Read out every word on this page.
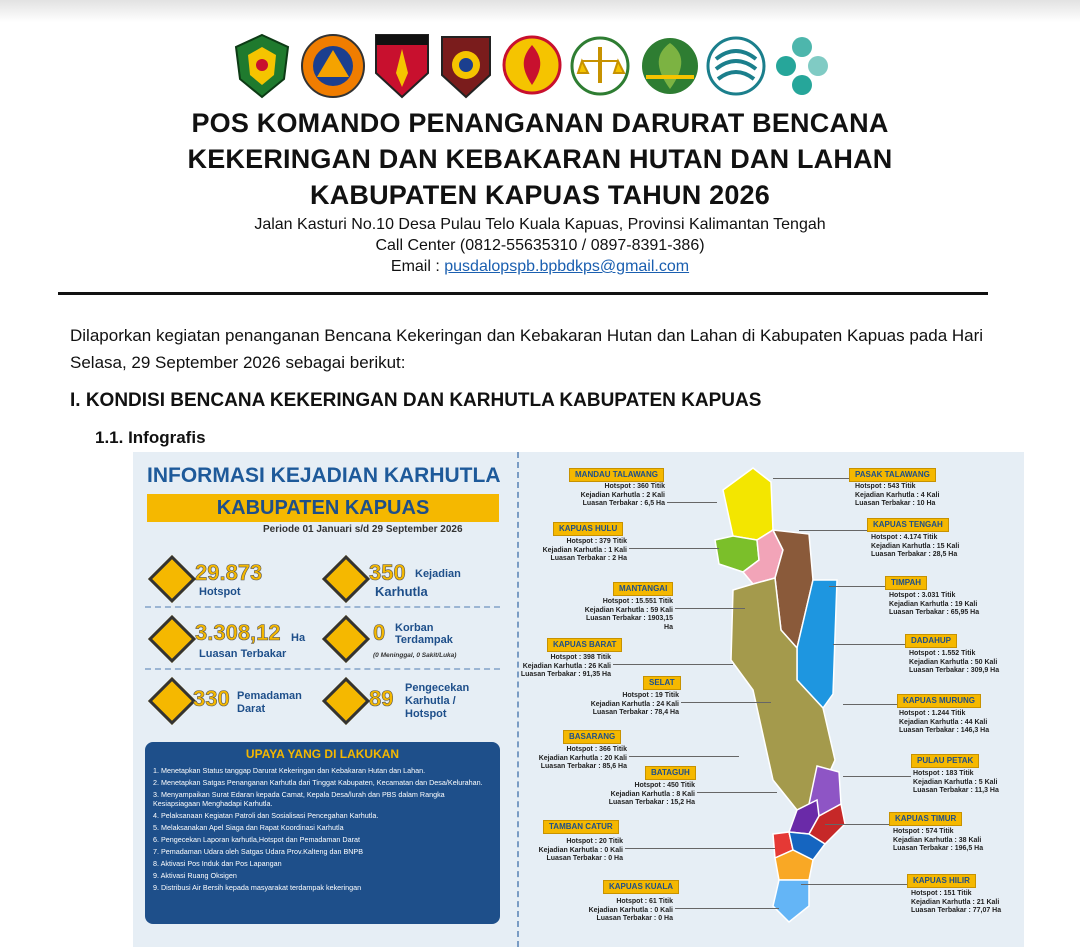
POS KOMANDO PENANGANAN DARURAT BENCANA
KEKERINGAN DAN KEBAKARAN HUTAN DAN LAHAN
KABUPATEN KAPUAS TAHUN 2026
Jalan Kasturi No.10 Desa Pulau Telo Kuala Kapuas, Provinsi Kalimantan Tengah
Call Center (0812-55635310 / 0897-8391-386)
Email : pusdalopspb.bpbdkps@gmail.com
Dilaporkan kegiatan penanganan Bencana Kekeringan dan Kebakaran Hutan dan Lahan di Kabupaten Kapuas pada Hari Selasa, 29 September 2026 sebagai berikut:
I. KONDISI BENCANA KEKERINGAN DAN KARHUTLA KABUPATEN KAPUAS
1.1. Infografis
INFORMASI KEJADIAN KARHUTLA
KABUPATEN KAPUAS
Periode 01 Januari s/d 29 September 2026
29.873
Hotspot
350 Kejadian
Karhutla
3.308,12 Ha
Luasan Terbakar
0 Korban
Terdampak
(0 Meninggal, 0 Sakit/Luka)
330 Pemadaman
Darat	89 Pengecekan
Karhutla /
Hotspot
UPAYA YANG DI LAKUKAN
1. Menetapkan Status tanggap Darurat Kekeringan dan Kebakaran Hutan dan Lahan.
2. Menetapkan Satgas Penanganan Karhutla dari Tinggat Kabupaten, Kecamatan dan Desa/Kelurahan.
3. Menyampaikan Surat Edaran kepada Camat, Kepala Desa/lurah dan PBS dalam Rangka Kesiapsiagaan Menghadapi Karhutla.
4. Pelaksanaan Kegiatan Patroli dan Sosialisasi Pencegahan Karhutla.
5. Melaksanakan Apel Siaga dan Rapat Koordinasi Karhutla
6. Pengecekan Laporan karhutla,Hotspot dan Pemadaman Darat
7. Pemadaman Udara oleh Satgas Udara Prov.Kalteng dan BNPB
8. Aktivasi Pos Induk dan Pos Lapangan
9. Aktivasi Ruang Oksigen
9. Distribusi Air Bersih kepada masyarakat terdampak kekeringan
MANDAU TALAWANG
Hotspot : 360 Titik
Kejadian Karhutla : 2 Kali
Luasan Terbakar : 6,5 Ha
KAPUAS HULU
Hotspot : 379 Titik
Kejadian Karhutla : 1 Kali
Luasan Terbakar : 2 Ha
MANTANGAI
Hotspot : 15.551 Titik
Kejadian Karhutla : 59 Kali
Luasan Terbakar : 1903,15 Ha
KAPUAS BARAT
Hotspot : 398 Titik
Kejadian Karhutla : 26 Kali
Luasan Terbakar : 91,35 Ha
SELAT
Hotspot : 19 Titik
Kejadian Karhutla : 24 Kali
Luasan Terbakar : 78,4 Ha
BASARANG
Hotspot : 366 Titik
Kejadian Karhutla : 20 Kali
Luasan Terbakar : 85,6 Ha
BATAGUH
Hotspot : 450 Titik
Kejadian Karhutla : 8 Kali
Luasan Terbakar : 15,2 Ha
TAMBAN CATUR
Hotspot : 20 Titik
Kejadian Karhutla : 0 Kali
Luasan Terbakar : 0 Ha
KAPUAS KUALA
Hotspot : 61 Titik
Kejadian Karhutla : 0 Kali
Luasan Terbakar : 0 Ha
PASAK TALAWANG
Hotspot : 543 Titik
Kejadian Karhutla : 4 Kali
Luasan Terbakar : 10 Ha
KAPUAS TENGAH
Hotspot : 4.174 Titik
Kejadian Karhutla : 15 Kali
Luasan Terbakar : 28,5 Ha
TIMPAH
Hotspot : 3.031 Titik
Kejadian Karhutla : 19 Kali
Luasan Terbakar : 65,95 Ha
DADAHUP
Hotspot : 1.552 Titik
Kejadian Karhutla : 50 Kali
Luasan Terbakar : 309,9 Ha
KAPUAS MURUNG
Hotspot : 1.244 Titik
Kejadian Karhutla : 44 Kali
Luasan Terbakar : 146,3 Ha
PULAU PETAK
Hotspot : 183 Titik
Kejadian Karhutla : 5 Kali
Luasan Terbakar : 11,3 Ha
KAPUAS TIMUR
Hotspot : 574 Titik
Kejadian Karhutla : 38 Kali
Luasan Terbakar : 196,5 Ha
KAPUAS HILIR
Hotspot : 151 Titik
Kejadian Karhutla : 21 Kali
Luasan Terbakar : 77,07 Ha
